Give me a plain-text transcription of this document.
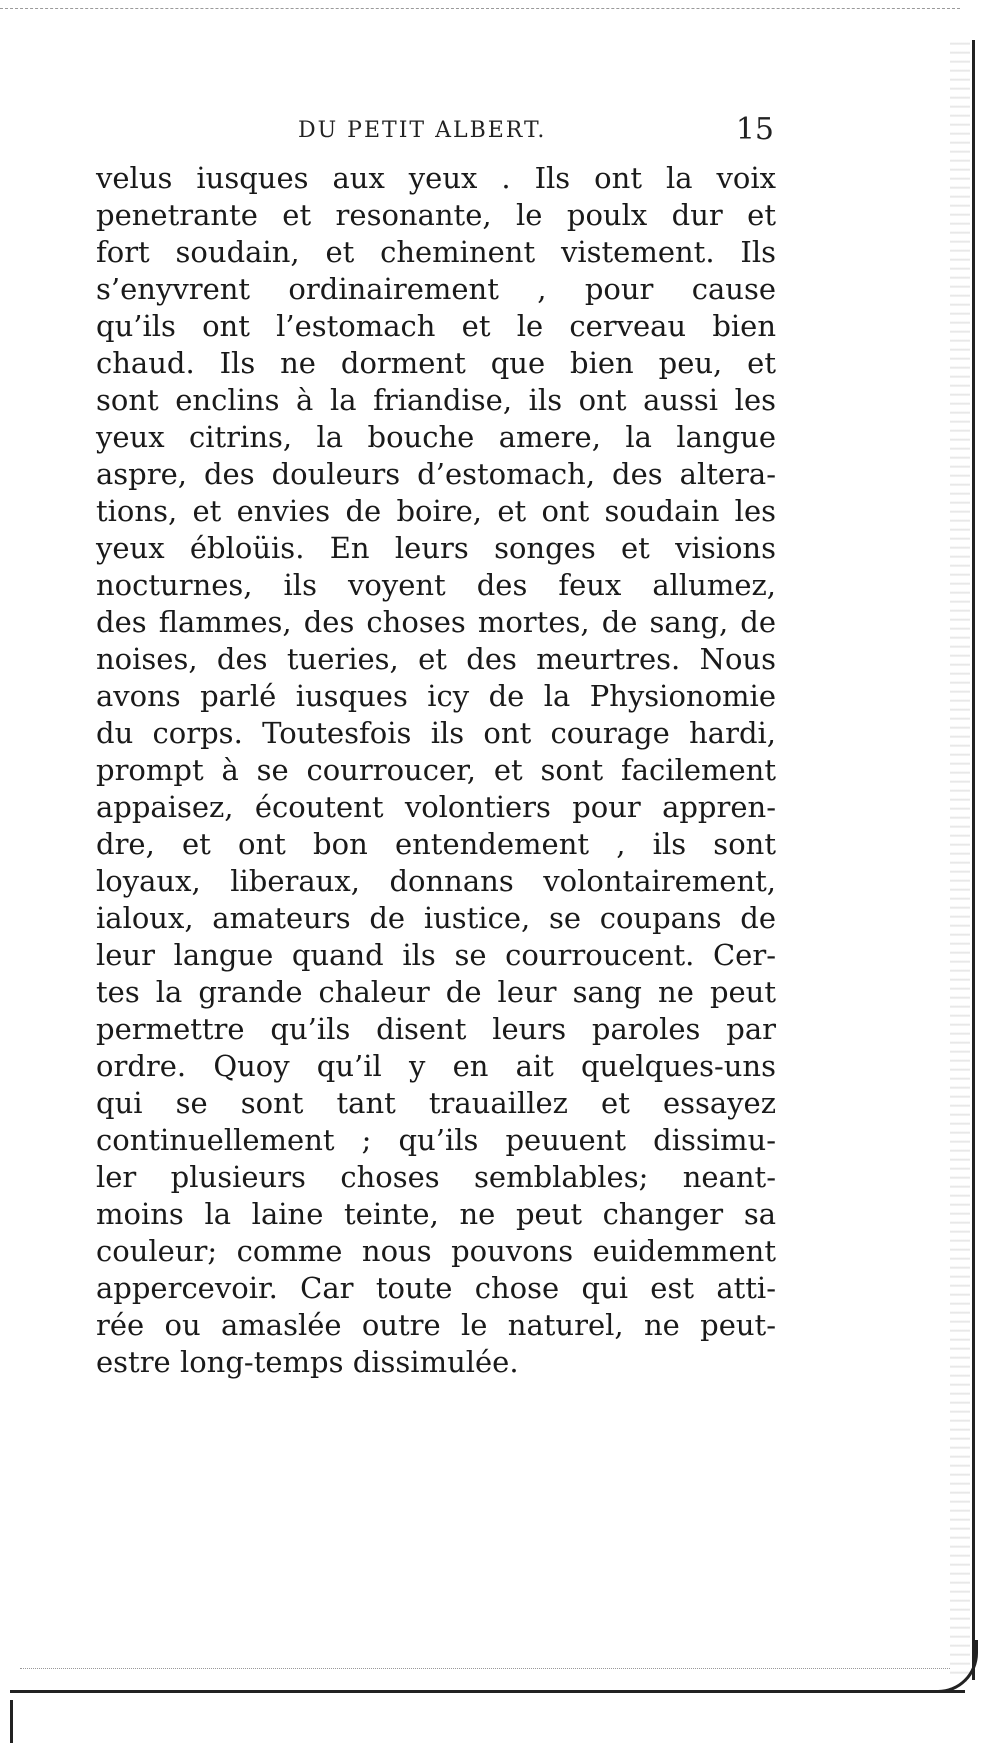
DU PETIT ALBERT.	15
velus iusques aux yeux . Ils ont la voix
penetrante et resonante, le poulx dur et
fort soudain, et cheminent vistement. Ils
s’enyvrent ordinairement , pour cause
qu’ils ont l’estomach et le cerveau bien
chaud. Ils ne dorment que bien peu, et
sont enclins à la friandise, ils ont aussi les
yeux citrins, la bouche amere, la langue
aspre, des douleurs d’estomach, des altera-
tions, et envies de boire, et ont soudain les
yeux ébloüis. En leurs songes et visions
nocturnes, ils voyent des feux allumez,
des flammes, des choses mortes, de sang, de
noises, des tueries, et des meurtres. Nous
avons parlé iusques icy de la Physionomie
du corps. Toutesfois ils ont courage hardi,
prompt à se courroucer, et sont facilement
appaisez, écoutent volontiers pour appren-
dre, et ont bon entendement , ils sont
loyaux, liberaux, donnans volontairement,
ialoux, amateurs de iustice, se coupans de
leur langue quand ils se courroucent. Cer-
tes la grande chaleur de leur sang ne peut
permettre qu’ils disent leurs paroles par
ordre. Quoy qu’il y en ait quelques-uns
qui se sont tant trauaillez et essayez
continuellement ; qu’ils peuuent dissimu-
ler plusieurs choses semblables; neant-
moins la laine teinte, ne peut changer sa
couleur; comme nous pouvons euidemment
appercevoir. Car toute chose qui est atti-
rée ou amaslée outre le naturel, ne peut-
estre long-temps dissimulée.
